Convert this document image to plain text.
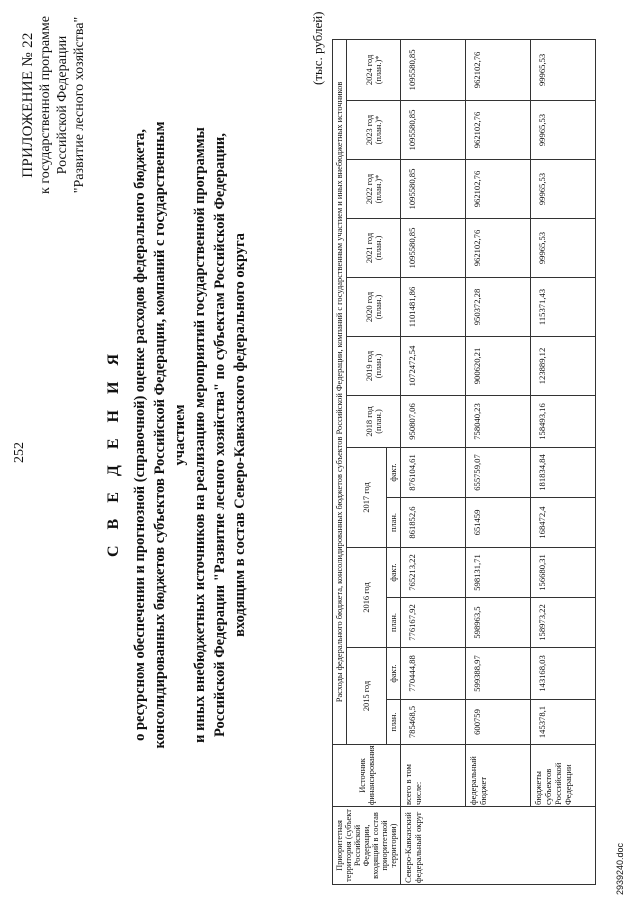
252
ПРИЛОЖЕНИЕ № 22 к государственной программе Российской Федерации "Развитие лесного хозяйства"
С В Е Д Е Н И Я о ресурсном обеспечении и прогнозной (справочной) оценке расходов федерального бюджета, консолидированных бюджетов субъектов Российской Федерации, компаний с государственным участием и иных внебюджетных источников на реализацию мероприятий государственной программы Российской Федерации "Развитие лесного хозяйства" по субъектам Российской Федерации, входящим в состав Северо-Кавказского федерального округа
(тыс. рублей)
Приоритетная территория (субъект Российской Федерации, входящий в состав приоритетной территории)	Источник финансирования	Расходы федерального бюджета, консолидированных бюджетов субъектов Российской Федерации, компаний с государственным участием и иных внебюджетных источников												
		2015 год		2016 год		2017 год		2018 год (план.)	2019 год (план.)	2020 год (план.)	2021 год (план.)	2022 год (план.)*	2023 год (план.)*	2024 год (план.)*
		план.	факт.	план.	факт.	план.	факт.							
Северо-Кавказский федеральный округ	всего в том числе:	785468,5	770444,88	776167,92	765213,22	861852,6	876104,61	950807,06	1072472,54	1101481,86	1095580,85	1095580,85	1095580,85	1095580,85
	федеральный бюджет	600759	599388,97	598963,5	598131,71	651459	655759,07	758040,23	900620,21	950372,28	962102,76	962102,76	962102,76	962102,76
	бюджеты субъектов Российской Федерации	145378,1	143168,03	158973,22	156680,31	168472,4	181834,84	158493,16	123889,12	115371,43	99965,53	99965,53	99965,53	99965,53
2939240.doc
